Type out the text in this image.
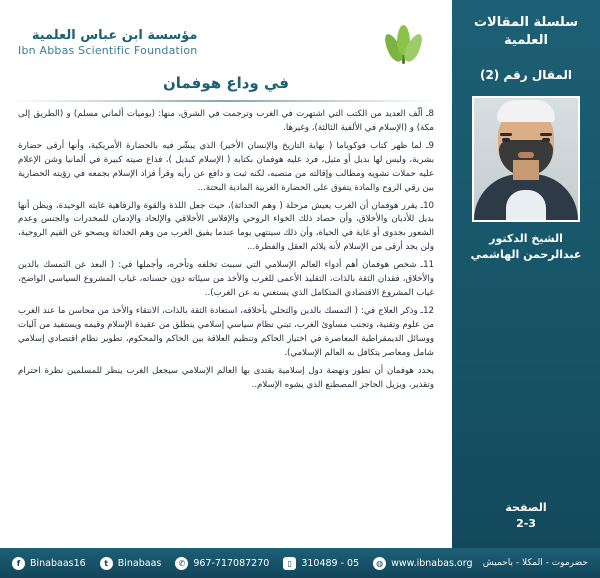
سلسلة المقالات العلمية
المقال رقم (2)
الشيخ الدكتور
عبدالرحمن الهاشمي
الصفحة
2-3
مؤسسة ابن عباس العلمية
Ibn Abbas Scientific Foundation
في وداع هوفمان

8ـ ألّف العديد من الكتب التي اشتهرت في الغرب وترجمت في الشرق، منها: (يوميات ألماني مسلم) و (الطريق إلى مكة) و (الإسلام في الألفية الثالثة)، وغيرها.

9ـ لما ظهر كتاب فوكوياما ( نهاية التاريخ والإنسان الأخير) الذي يبشّر فيه بالحضارة الأمريكية، وأنها أرقى حضارة بشرية، وليس لها بديل أو مثيل، فرد عليه هوفمان بكتابه ( الإسلام كبديل )، فذاع صيته كبيرة في ألمانيا وشن الإعلام عليه حملات تشويه ومطالب وإقالته من منصبه، لكنه ثبت و دافع عن رأيه وقرأ فزاد الإسلام بجمعه في رؤيته الحضارية بين رقي الروح والمادة يتفوق على الحضارة الغربية المادية البحتة...

10ـ يقرر هوفمان أن الغرب يعيش مرحلة ( وهم الحداثة)، حيث جعل اللذة والقوة والرفاهية غايته الوحيدة، ويظن أنها بديل للأديان والأخلاق، وأن حصاد ذلك الخواء الروحي والإفلاس الأخلاقي والإلحاد والإدمان للمخدرات والجنس وعدم الشعور بجدوى أو غاية في الحياة، وأن ذلك سينتهي يوما عندما يفيق الغرب من وهم الحداثة ويصحو عن القيم الروحية، ولن يجد أرقى من الإسلام لأنه يلائم العقل والفطرة...

11ـ شخص هوفمان أهم أدواء العالم الإسلامي التي سببت تخلفه وتأخره، وأجملها في: ( البعد عن التمسك بالدين والأخلاق، فقدان الثقة بالذات، التقليد الأعمى للغرب والأخذ من سيئاته دون حسناته، غياب المشروع السياسي الواضح، غياب المشروع الاقتصادي المتكامل الذي يستغني به عن الغرب)..

12ـ وذكر العلاج في: ( التمسك بالدين والتحلي بأخلاقه، استعادة الثقة بالذات، الانتقاء والأخذ من محاسن ما عند الغرب من علوم وتقنية، وتجنب مساوئ الغرب، تبني نظام سياسي إسلامي ينطلق من عقيدة الإسلام وقيمه ويستفيد من آليات ووسائل الديمقراطية المعاصرة في اختيار الحاكم وتنظيم العلاقة بين الحاكم والمحكوم، تطوير نظام اقتصادي إسلامي شامل ومعاصر يتكافل به العالم الإسلامي).

يحدد هوفمان أن تطور ونهضة دول إسلامية يقتدى بها العالم الإسلامي سيجعل الغرب ينظر للمسلمين نظرة احترام وتقدير، ويزيل الحاجز المصطنع الذي يشوه الإسلام..

f	Binabaas16	t	Binabaas	✆ 967-717087270	▯ 05 - 310489	◍ www.ibnabas.org حضرموت - المكلا - باحميش
